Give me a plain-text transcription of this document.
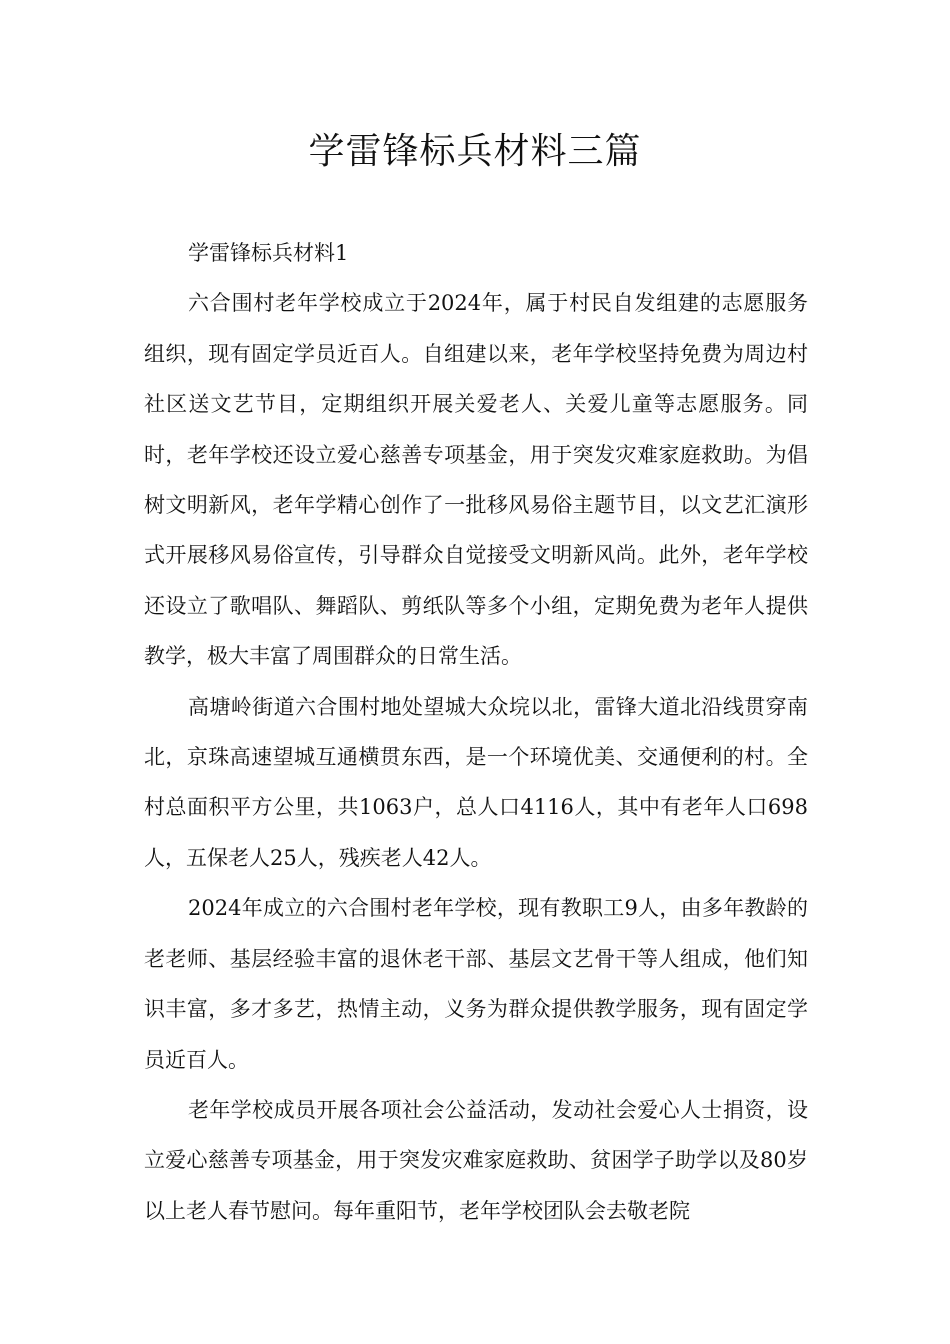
学雷锋标兵材料三篇

学雷锋标兵材料1

六合围村老年学校成立于2024年，属于村民自发组建的志愿服务组织，现有固定学员近百人。自组建以来，老年学校坚持免费为周边村社区送文艺节目，定期组织开展关爱老人、关爱儿童等志愿服务。同时，老年学校还设立爱心慈善专项基金，用于突发灾难家庭救助。为倡树文明新风，老年学精心创作了一批移风易俗主题节目，以文艺汇演形式开展移风易俗宣传，引导群众自觉接受文明新风尚。此外，老年学校还设立了歌唱队、舞蹈队、剪纸队等多个小组，定期免费为老年人提供教学，极大丰富了周围群众的日常生活。

高塘岭街道六合围村地处望城大众垸以北，雷锋大道北沿线贯穿南北，京珠高速望城互通横贯东西，是一个环境优美、交通便利的村。全村总面积平方公里，共1063户，总人口4116人，其中有老年人口698人，五保老人25人，残疾老人42人。

2024年成立的六合围村老年学校，现有教职工9人，由多年教龄的老老师、基层经验丰富的退休老干部、基层文艺骨干等人组成，他们知识丰富，多才多艺，热情主动，义务为群众提供教学服务，现有固定学员近百人。

老年学校成员开展各项社会公益活动，发动社会爱心人士捐资，设立爱心慈善专项基金，用于突发灾难家庭救助、贫困学子助学以及80岁以上老人春节慰问。每年重阳节，老年学校团队会去敬老院
